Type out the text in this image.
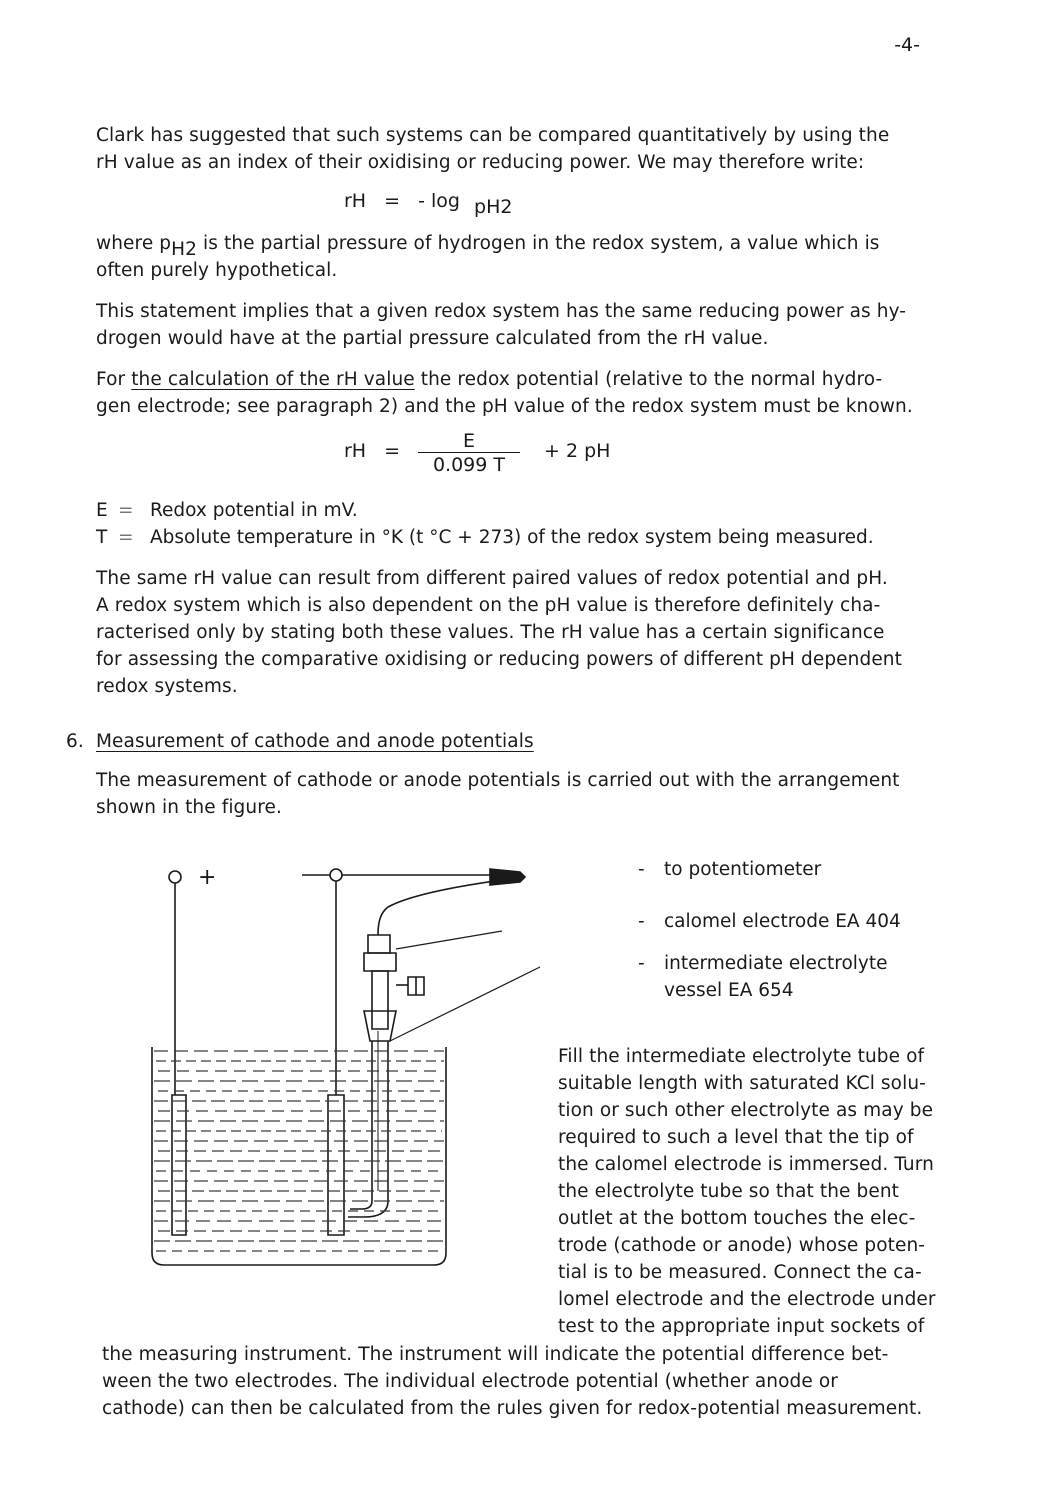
-4-
Clark has suggested that such systems can be compared quantitatively by using the
rH value as an index of their oxidising or reducing power. We may therefore write:
rH = - log pH2
where pH2 is the partial pressure of hydrogen in the redox system, a value which is
often purely hypothetical.
This statement implies that a given redox system has the same reducing power as hy-
drogen would have at the partial pressure calculated from the rH value.
For the calculation of the rH value the redox potential (relative to the normal hydro-
gen electrode; see paragraph 2) and the pH value of the redox system must be known.
rH =	E
0.099 T
+ 2 pH
E = Redox potential in mV.
T = Absolute temperature in °K (t °C + 273) of the redox system being measured.
The same rH value can result from different paired values of redox potential and pH.
A redox system which is also dependent on the pH value is therefore definitely cha-
racterised only by stating both these values. The rH value has a certain significance
for assessing the comparative oxidising or reducing powers of different pH dependent
redox systems.
6. Measurement of cathode and anode potentials
The measurement of cathode or anode potentials is carried out with the arrangement
shown in the figure.
+	- to potentiometer
- calomel electrode EA 404
- intermediate electrolyte
vessel EA 654
Fill the intermediate electrolyte tube of
suitable length with saturated KCl solu-
tion or such other electrolyte as may be
required to such a level that the tip of
the calomel electrode is immersed. Turn
the electrolyte tube so that the bent
outlet at the bottom touches the elec-
trode (cathode or anode) whose poten-
tial is to be measured. Connect the ca-
lomel electrode and the electrode under
test to the appropriate input sockets of
the measuring instrument. The instrument will indicate the potential difference bet-
ween the two electrodes. The individual electrode potential (whether anode or
cathode) can then be calculated from the rules given for redox-potential measurement.
